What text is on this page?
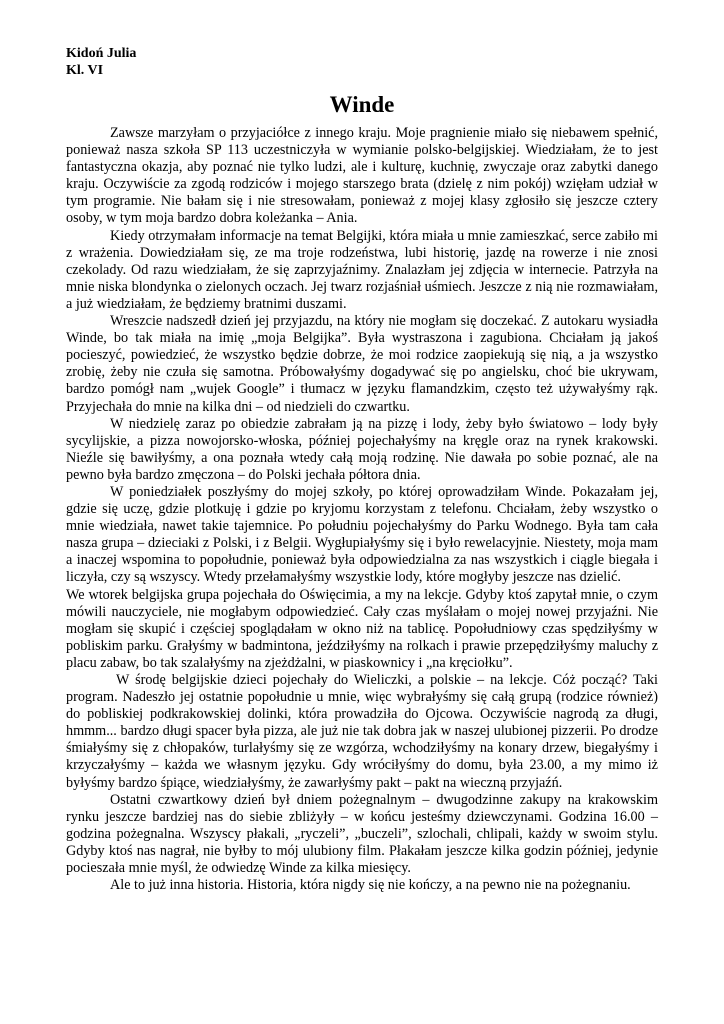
Kidoń Julia

Kl. VI

Winde

Zawsze marzyłam o przyjaciółce z innego kraju. Moje pragnienie miało się niebawem spełnić, ponieważ nasza szkoła SP 113 uczestniczyła w wymianie polsko-belgijskiej. Wiedziałam, że to jest fantastyczna okazja, aby poznać nie tylko ludzi, ale i kulturę, kuchnię, zwyczaje oraz zabytki danego kraju. Oczywiście za zgodą rodziców i mojego starszego brata (dzielę z nim pokój) wzięłam udział w tym programie. Nie bałam się i nie stresowałam, ponieważ z mojej klasy zgłosiło się jeszcze cztery osoby, w tym moja bardzo dobra koleżanka – Ania.

Kiedy otrzymałam informacje na temat Belgijki, która miała u mnie zamieszkać, serce zabiło mi z wrażenia. Dowiedziałam się, ze ma troje rodzeństwa, lubi historię, jazdę na rowerze i nie znosi czekolady. Od razu wiedziałam, że się zaprzyjaźnimy. Znalazłam jej zdjęcia w internecie. Patrzyła na mnie niska blondynka o zielonych oczach. Jej twarz rozjaśniał uśmiech. Jeszcze z nią nie rozmawiałam, a już wiedziałam, że będziemy bratnimi duszami.

Wreszcie nadszedł dzień jej przyjazdu, na który nie mogłam się doczekać. Z autokaru wysiadła Winde, bo tak miała na imię „moja Belgijka”. Była wystraszona i zagubiona. Chciałam ją jakoś pocieszyć, powiedzieć, że wszystko będzie dobrze, że moi rodzice zaopiekują się nią, a ja wszystko zrobię, żeby nie czuła się samotna. Próbowałyśmy dogadywać się po angielsku, choć bie ukrywam, bardzo pomógł nam „wujek Google” i tłumacz w języku flamandzkim, często też używałyśmy rąk. Przyjechała do mnie na kilka dni – od niedzieli do czwartku.

W niedzielę zaraz po obiedzie zabrałam ją na pizzę i lody, żeby było światowo – lody były sycylijskie, a pizza nowojorsko-włoska, później pojechałyśmy na kręgle oraz na rynek krakowski. Nieźle się bawiłyśmy, a ona poznała wtedy całą moją rodzinę. Nie dawała po sobie poznać, ale na pewno była bardzo zmęczona – do Polski jechała półtora dnia.

W poniedziałek poszłyśmy do mojej szkoły, po której oprowadziłam Winde. Pokazałam jej, gdzie się uczę, gdzie plotkuję i gdzie po kryjomu korzystam z telefonu. Chciałam, żeby wszystko o mnie wiedziała, nawet takie tajemnice. Po południu pojechałyśmy do Parku Wodnego. Była tam cała nasza grupa – dzieciaki z Polski, i z Belgii. Wygłupiałyśmy się i było rewelacyjnie. Niestety, moja mam a inaczej wspomina to popołudnie, ponieważ była odpowiedzialna za nas wszystkich i ciągle biegała i liczyła, czy są wszyscy. Wtedy przełamałyśmy wszystkie lody, które mogłyby jeszcze nas dzielić.

We wtorek belgijska grupa pojechała do Oświęcimia, a my na lekcje. Gdyby ktoś zapytał mnie, o czym mówili nauczyciele, nie mogłabym odpowiedzieć. Cały czas myślałam o mojej nowej przyjaźni. Nie mogłam się skupić i częściej spoglądałam w okno niż na tablicę. Popołudniowy czas spędziłyśmy w pobliskim parku. Grałyśmy w badmintona, jeździłyśmy na rolkach i prawie przepędziłyśmy maluchy z placu zabaw, bo tak szalałyśmy na zjeżdżalni, w piaskownicy i „na kręciołku”.

W środę belgijskie dzieci pojechały do Wieliczki, a polskie – na lekcje. Cóż począć? Taki program. Nadeszło jej ostatnie popołudnie u mnie, więc wybrałyśmy się całą grupą (rodzice również) do pobliskiej podkrakowskiej dolinki, która prowadziła do Ojcowa. Oczywiście nagrodą za długi, hmmm... bardzo długi spacer była pizza, ale już nie tak dobra jak w naszej ulubionej pizzerii. Po drodze śmiałyśmy się z chłopaków, turlałyśmy się ze wzgórza, wchodziłyśmy na konary drzew, biegałyśmy i krzyczałyśmy – każda we własnym języku. Gdy wróciłyśmy do domu, była 23.00, a my mimo iż byłyśmy bardzo śpiące, wiedziałyśmy, że zawarłyśmy pakt – pakt na wieczną przyjaźń.

Ostatni czwartkowy dzień był dniem pożegnalnym – dwugodzinne zakupy na krakowskim rynku jeszcze bardziej nas do siebie zbliżyły – w końcu jesteśmy dziewczynami. Godzina 16.00 – godzina pożegnalna. Wszyscy płakali, „ryczeli”, „buczeli”, szlochali, chlipali, każdy w swoim stylu. Gdyby ktoś nas nagrał, nie byłby to mój ulubiony film. Płakałam jeszcze kilka godzin później, jedynie pocieszała mnie myśl, że odwiedzę Winde za kilka miesięcy.

Ale to już inna historia. Historia, która nigdy się nie kończy, a na pewno nie na pożegnaniu.
